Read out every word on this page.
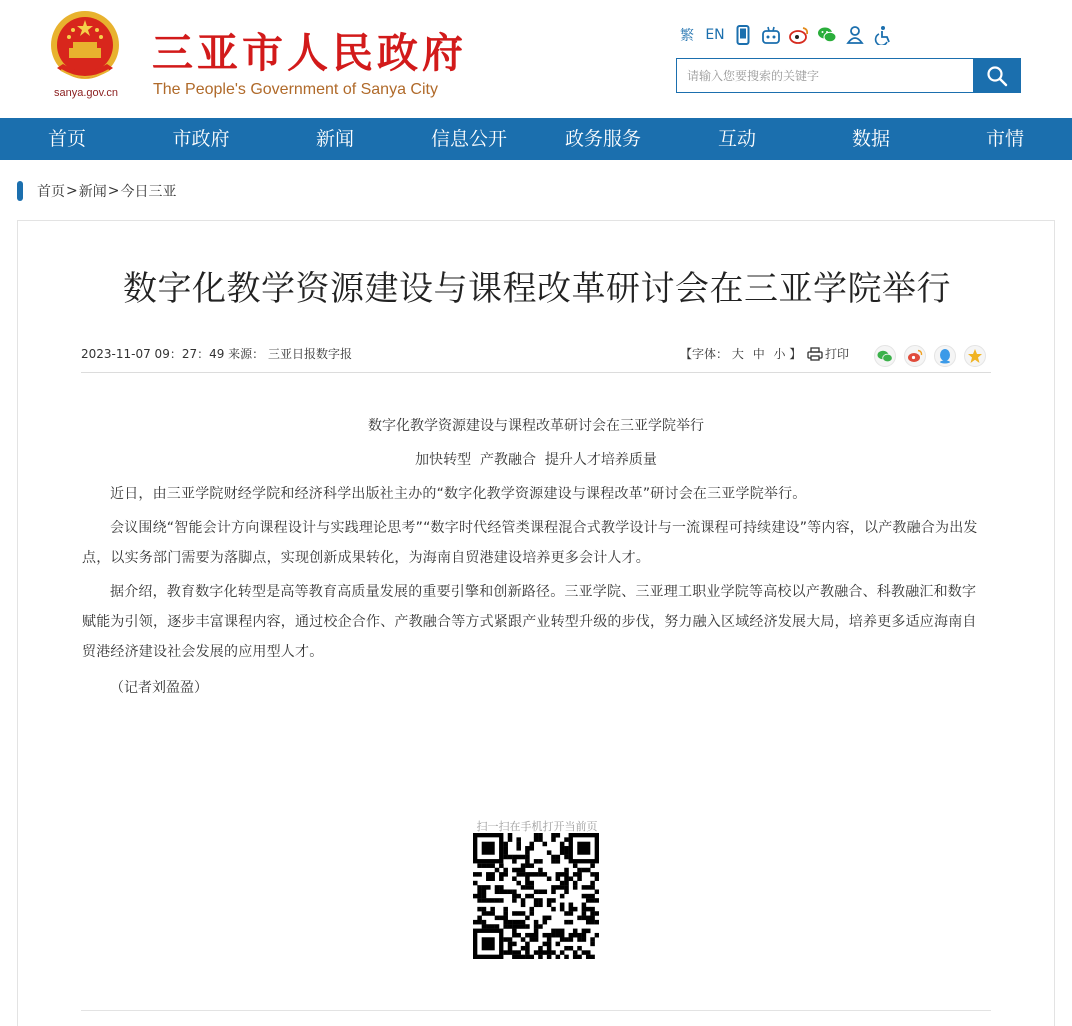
sanya.gov.cn
三亚市人民政府
The People's Government of Sanya City
繁 EN
请输入您要搜索的关键字
首页	市政府	新闻	信息公开	政务服务	互动	数据	市情
首页 > 新闻 > 今日三亚
数字化教学资源建设与课程改革研讨会在三亚学院举行
2023-11-07 09：27：49 来源： 三亚日报数字报	【字体： 大 中 小 】 打印
数字化教学资源建设与课程改革研讨会在三亚学院举行
加快转型  产教融合  提升人才培养质量

近日，由三亚学院财经学院和经济科学出版社主办的“数字化教学资源建设与课程改革”研讨会在三亚学院举行。

会议围绕“智能会计方向课程设计与实践理论思考”“数字时代经管类课程混合式教学设计与一流课程可持续建设”等内容，以产教融合为出发点，以实务部门需要为落脚点，实现创新成果转化，为海南自贸港建设培养更多会计人才。

据介绍，教育数字化转型是高等教育高质量发展的重要引擎和创新路径。三亚学院、三亚理工职业学院等高校以产教融合、科教融汇和数字赋能为引领，逐步丰富课程内容，通过校企合作、产教融合等方式紧跟产业转型升级的步伐，努力融入区域经济发展大局，培养更多适应海南自贸港经济建设社会发展的应用型人才。

（记者刘盈盈）

扫一扫在手机打开当前页
